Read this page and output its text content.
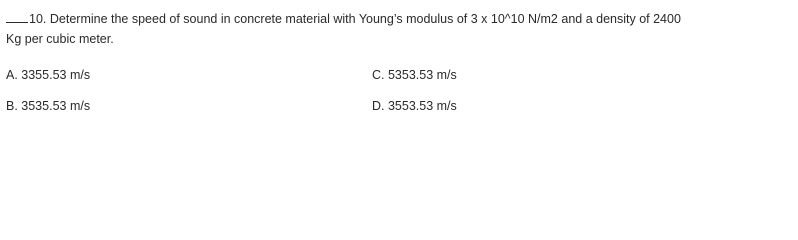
10. Determine the speed of sound in concrete material with Young’s modulus of 3 x 10^10 N/m2 and a density of 2400
Kg per cubic meter.
A. 3355.53 m/s
B. 3535.53 m/s
C. 5353.53 m/s
D. 3553.53 m/s
